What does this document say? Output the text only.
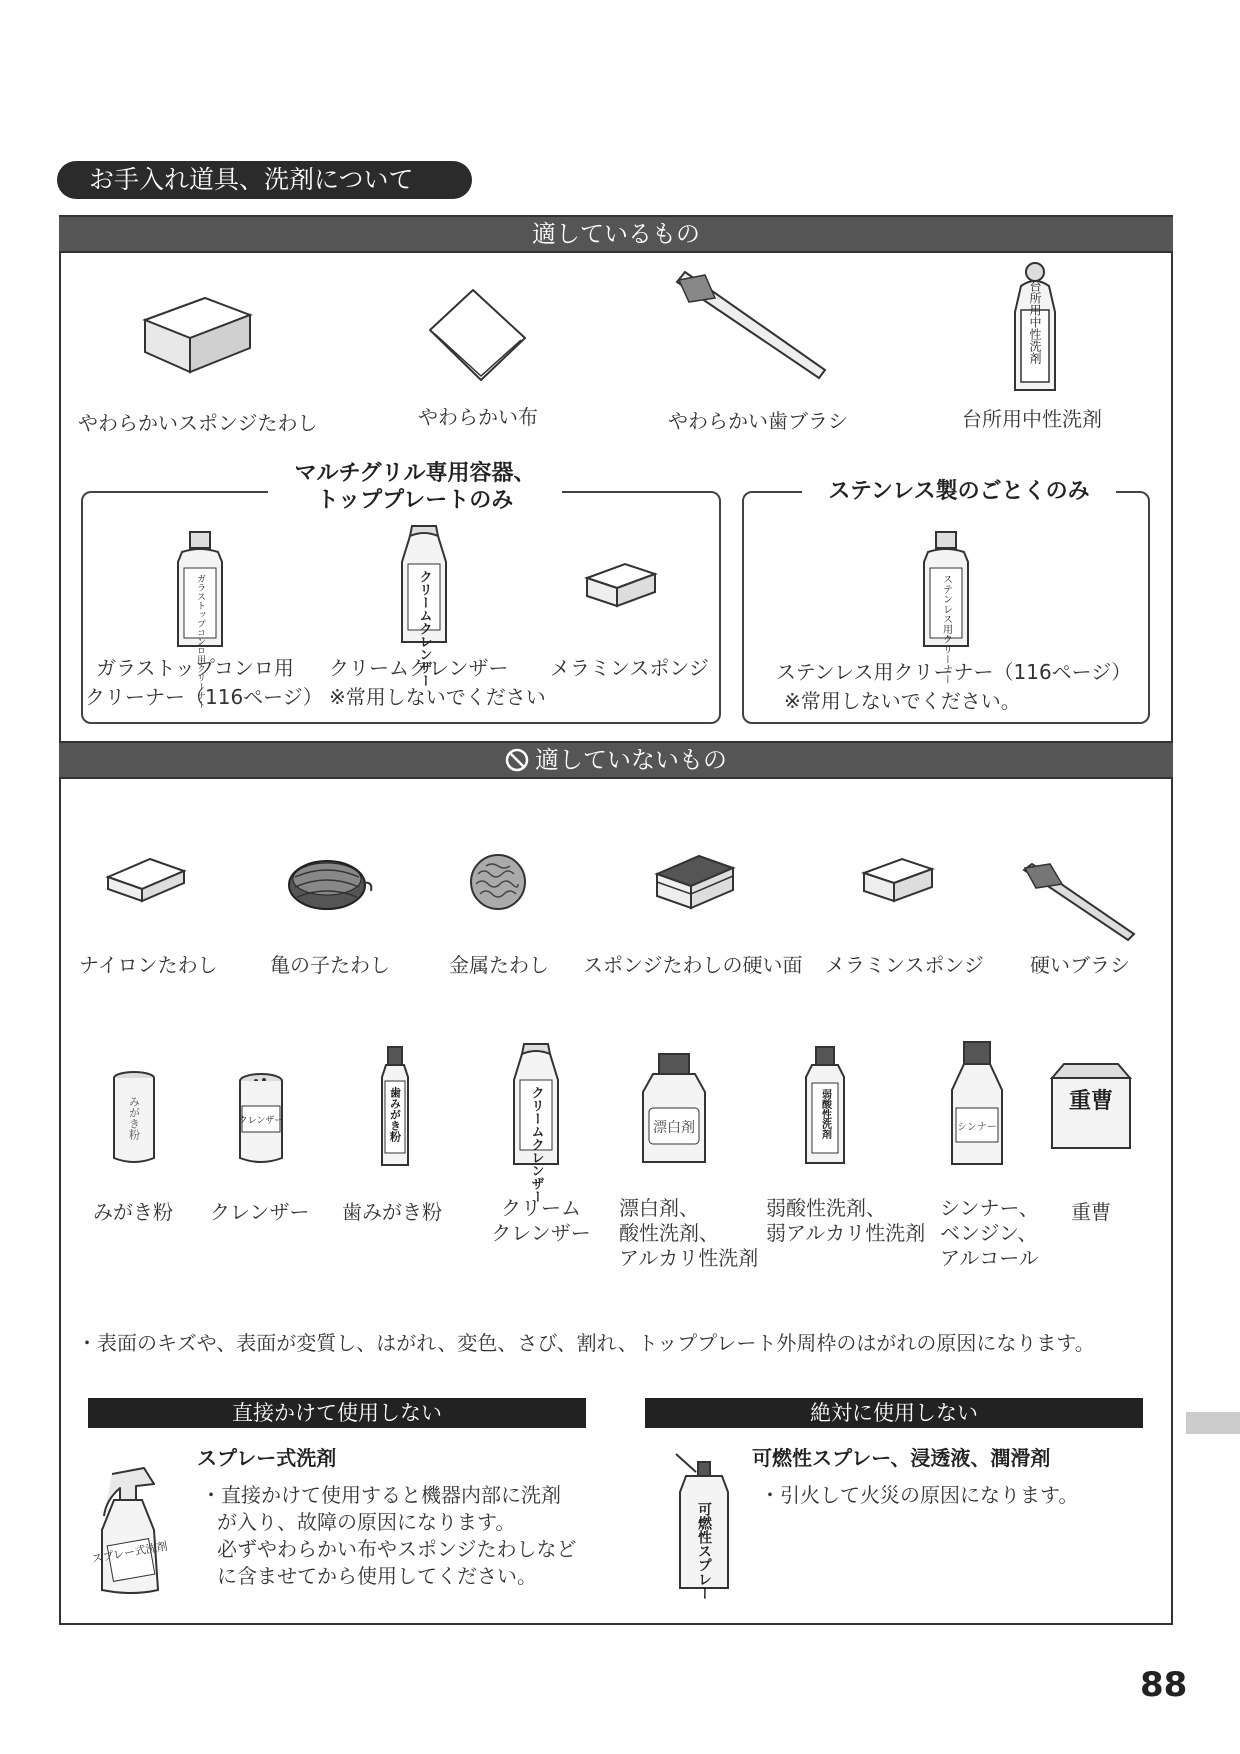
お手入れ道具、洗剤について
適しているもの
台所用中性洗剤
やわらかいスポンジたわし	やわらかい布	やわらかい歯ブラシ	台所用中性洗剤
マルチグリル専用容器、
トッププレートのみ
ガラストップコンロ用クリーナー	クリームクレンザー
ガラストップコンロ用
クリーナー（116ページ）
クリームクレンザー
※常用しないでください
メラミンスポンジ
ステンレス製のごとくのみ
ステンレス用クリーナー
ステンレス用クリーナー（116ページ）
※常用しないでください。
適していないもの
ナイロンたわし	亀の子たわし	金属たわし スポンジたわしの硬い面 メラミンスポンジ 硬いブラシ
みがき粉	クレンザー	歯みがき粉	クリームクレンザー	漂白剤	弱酸性洗剤	シンナー
重曹
みがき粉 クレンザー 歯みがき粉	クリーム
クレンザー
漂白剤、
酸性洗剤、
アルカリ性洗剤
弱酸性洗剤、
弱アルカリ性洗剤
シンナー、
ベンジン、
アルコール
重曹
・表面のキズや、表面が変質し、はがれ、変色、さび、割れ、トッププレート外周枠のはがれの原因になります。
直接かけて使用しない
スプレー式洗剤
スプレー式洗剤
・直接かけて使用すると機器内部に洗剤
が入り、故障の原因になります。
必ずやわらかい布やスポンジたわしなど
に含ませてから使用してください。
絶対に使用しない
可燃性スプレー、浸透液、潤滑剤
可燃性スプレー
・引火して火災の原因になります。
88
